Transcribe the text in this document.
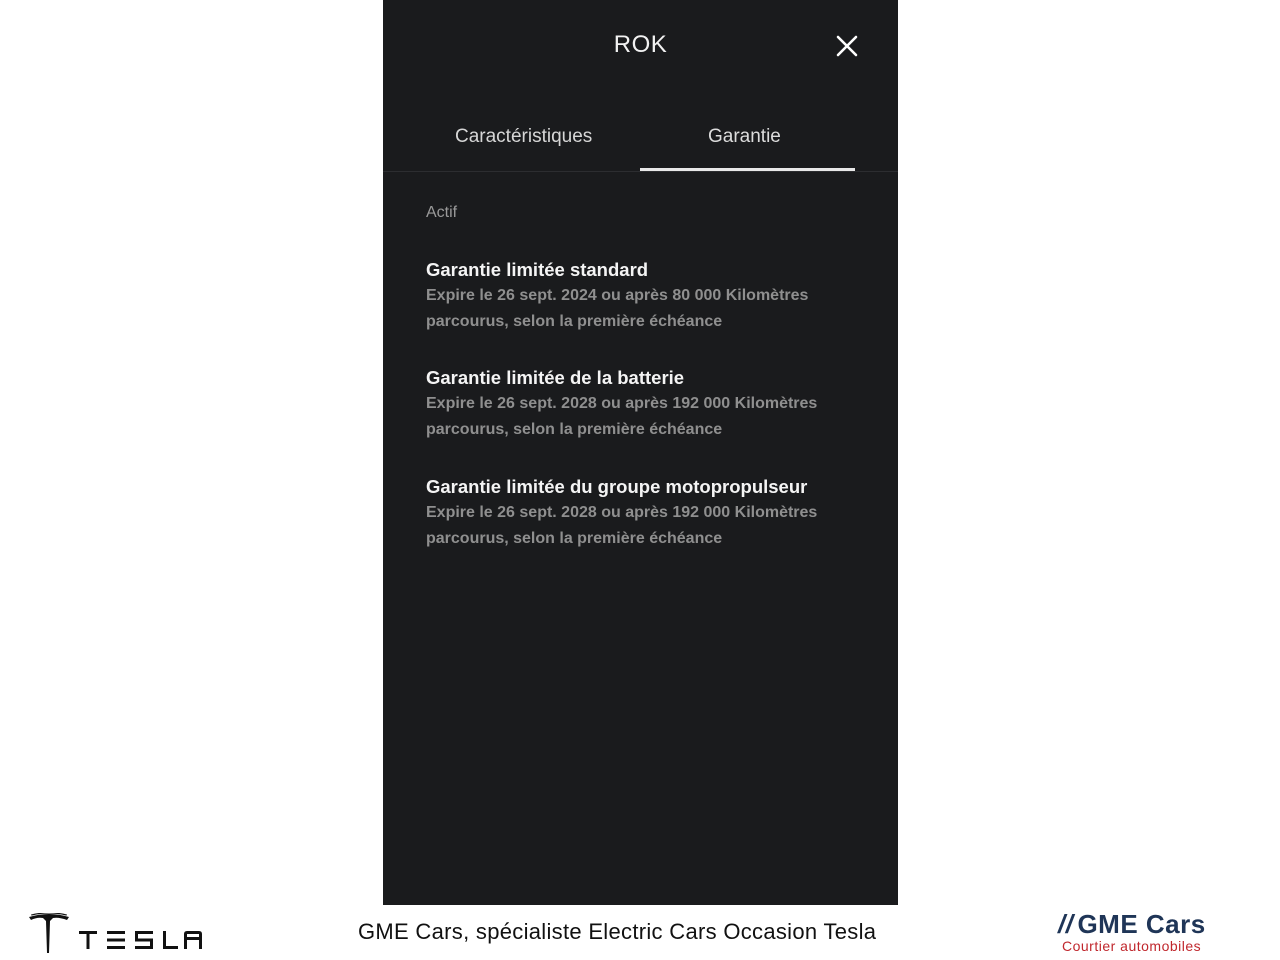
ROK
Caractéristiques	Garantie
Actif
Garantie limitée standard
Expire le 26 sept. 2024 ou après 80 000 Kilomètres parcourus, selon la première échéance
Garantie limitée de la batterie
Expire le 26 sept. 2028 ou après 192 000 Kilomètres parcourus, selon la première échéance
Garantie limitée du groupe motopropulseur
Expire le 26 sept. 2028 ou après 192 000 Kilomètres parcourus, selon la première échéance
GME Cars, spécialiste Electric Cars Occasion Tesla	// GME Cars
Courtier automobiles
